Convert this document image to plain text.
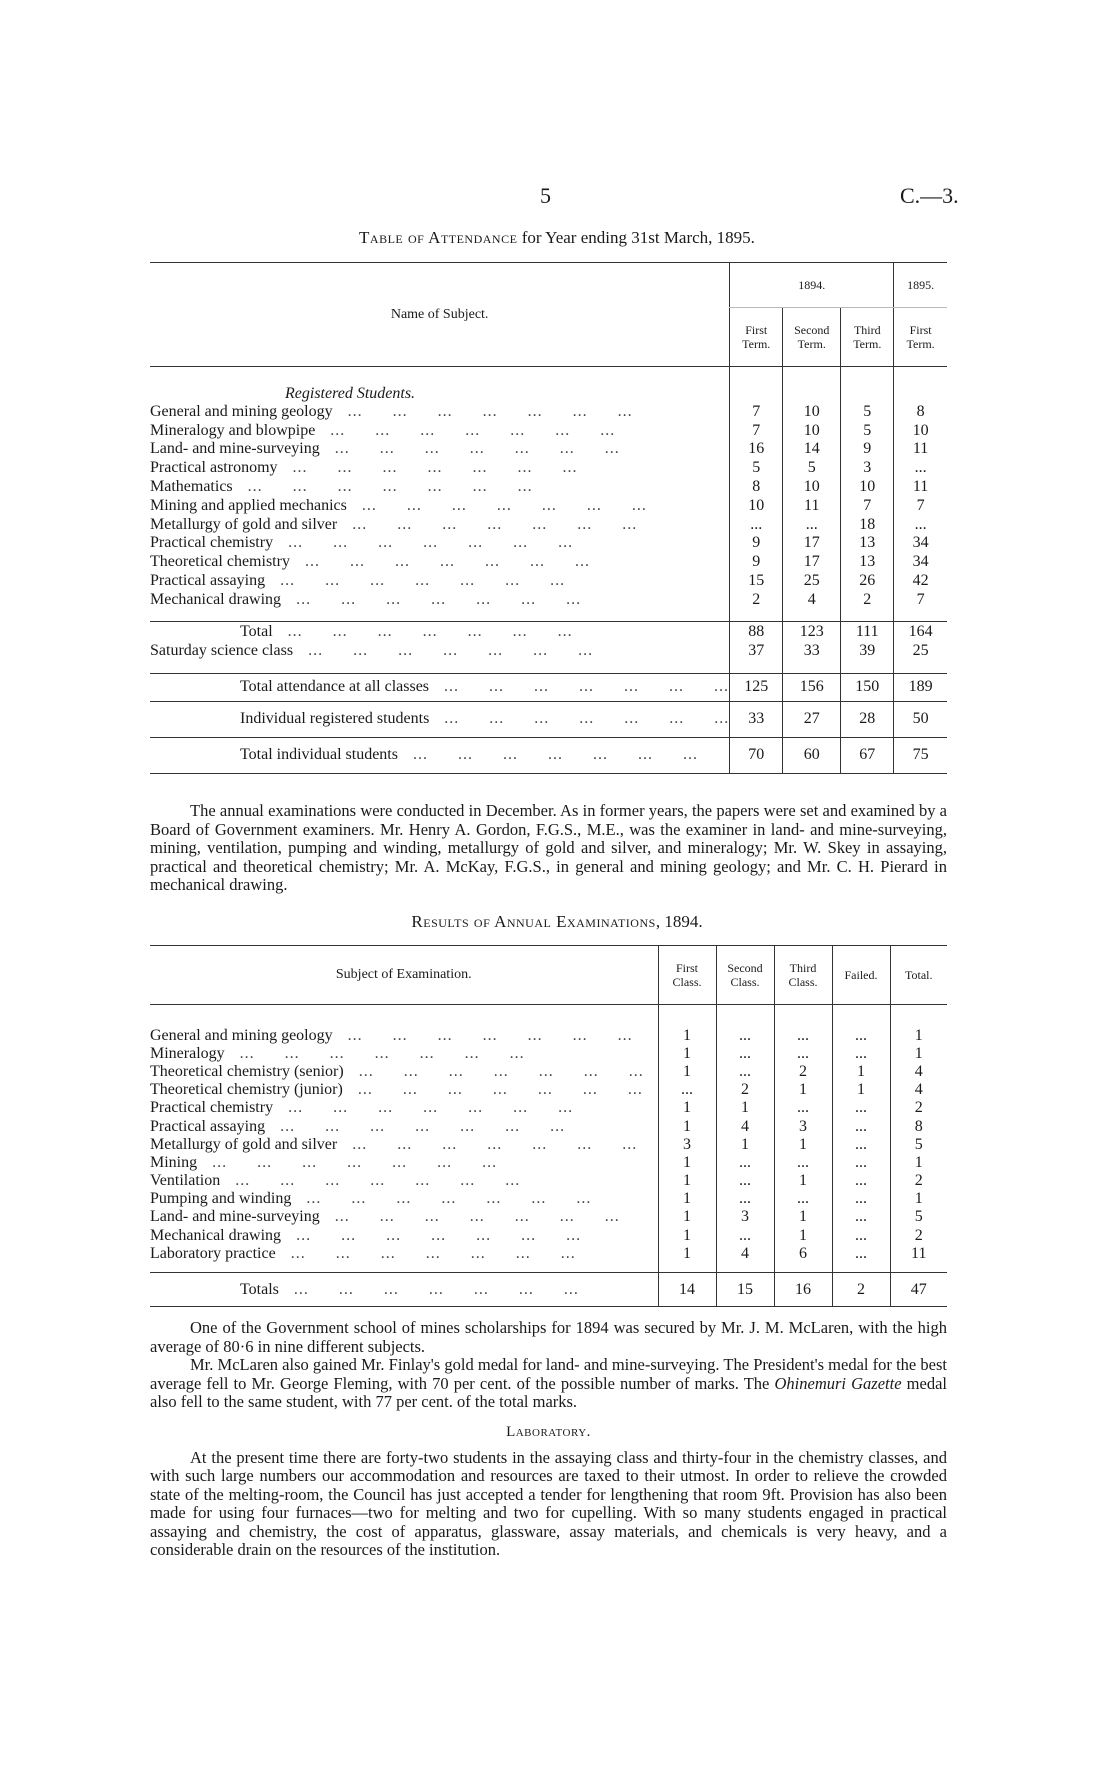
5	C.—3.
Table of Attendance for Year ending 31st March, 1895.
Name of Subject.	1894.			1895.
	First Term.	Second Term.	Third Term.	First Term.
Registered Students.				
General and mining geology   ...      ...      ...      ...      ...      ...      ...	7	10	5	8
Mineralogy and blowpipe   ...      ...      ...      ...      ...      ...      ...	7	10	5	10
Land- and mine-surveying   ...      ...      ...      ...      ...      ...      ...	16	14	9	11
Practical astronomy   ...      ...      ...      ...      ...      ...      ...	5	5	3	...
Mathematics   ...      ...      ...      ...      ...      ...      ...	8	10	10	11
Mining and applied mechanics   ...      ...      ...      ...      ...      ...      ...	10	11	7	7
Metallurgy of gold and silver   ...      ...      ...      ...      ...      ...      ...	...	...	18	...
Practical chemistry   ...      ...      ...      ...      ...      ...      ...	9	17	13	34
Theoretical chemistry   ...      ...      ...      ...      ...      ...      ...	9	17	13	34
Practical assaying   ...      ...      ...      ...      ...      ...      ...	15	25	26	42
Mechanical drawing   ...      ...      ...      ...      ...      ...      ...	2	4	2	7

Total   ...      ...      ...      ...      ...      ...      ...	88	123	111	164
Saturday science class   ...      ...      ...      ...      ...      ...      ...	37	33	39	25

Total attendance at all classes   ...      ...      ...      ...      ...      ...      ...	125	156	150	189
Individual registered students   ...      ...      ...      ...      ...      ...      ...	33	27	28	50
Total individual students   ...      ...      ...      ...      ...      ...      ...	70	60	67	75

The annual examinations were conducted in December. As in former years, the papers were set and examined by a Board of Government examiners. Mr. Henry A. Gordon, F.G.S., M.E., was the examiner in land- and mine-surveying, mining, ventilation, pumping and winding, metallurgy of gold and silver, and mineralogy; Mr. W. Skey in assaying, practical and theoretical chemistry; Mr. A. McKay, F.G.S., in general and mining geology; and Mr. C. H. Pierard in mechanical drawing.

Results of Annual Examinations, 1894.
Subject of Examination.	First Class.	Second Class.	Third Class.	Failed.	Total.

General and mining geology   ...      ...      ...      ...      ...      ...      ...	1	...	...	...	1
Mineralogy   ...      ...      ...      ...      ...      ...      ...	1	...	...	...	1
Theoretical chemistry (senior)   ...      ...      ...      ...      ...      ...      ...	1	...	2	1	4
Theoretical chemistry (junior)   ...      ...      ...      ...      ...      ...      ...	...	2	1	1	4
Practical chemistry   ...      ...      ...      ...      ...      ...      ...	1	1	...	...	2
Practical assaying   ...      ...      ...      ...      ...      ...      ...	1	4	3	...	8
Metallurgy of gold and silver   ...      ...      ...      ...      ...      ...      ...	3	1	1	...	5
Mining   ...      ...      ...      ...      ...      ...      ...	1	...	...	...	1
Ventilation   ...      ...      ...      ...      ...      ...      ...	1	...	1	...	2
Pumping and winding   ...      ...      ...      ...      ...      ...      ...	1	...	...	...	1
Land- and mine-surveying   ...      ...      ...      ...      ...      ...      ...	1	3	1	...	5
Mechanical drawing   ...      ...      ...      ...      ...      ...      ...	1	...	1	...	2
Laboratory practice   ...      ...      ...      ...      ...      ...      ...	1	4	6	...	11

Totals   ...      ...      ...      ...      ...      ...      ...	14	15	16	2	47

One of the Government school of mines scholarships for 1894 was secured by Mr. J. M. McLaren, with the high average of 80·6 in nine different subjects.

Mr. McLaren also gained Mr. Finlay's gold medal for land- and mine-surveying. The President's medal for the best average fell to Mr. George Fleming, with 70 per cent. of the possible number of marks. The Ohinemuri Gazette medal also fell to the same student, with 77 per cent. of the total marks.

Laboratory.

At the present time there are forty-two students in the assaying class and thirty-four in the chemistry classes, and with such large numbers our accommodation and resources are taxed to their utmost. In order to relieve the crowded state of the melting-room, the Council has just accepted a tender for lengthening that room 9ft. Provision has also been made for using four furnaces—two for melting and two for cupelling. With so many students engaged in practical assaying and chemistry, the cost of apparatus, glassware, assay materials, and chemicals is very heavy, and a considerable drain on the resources of the institution.
